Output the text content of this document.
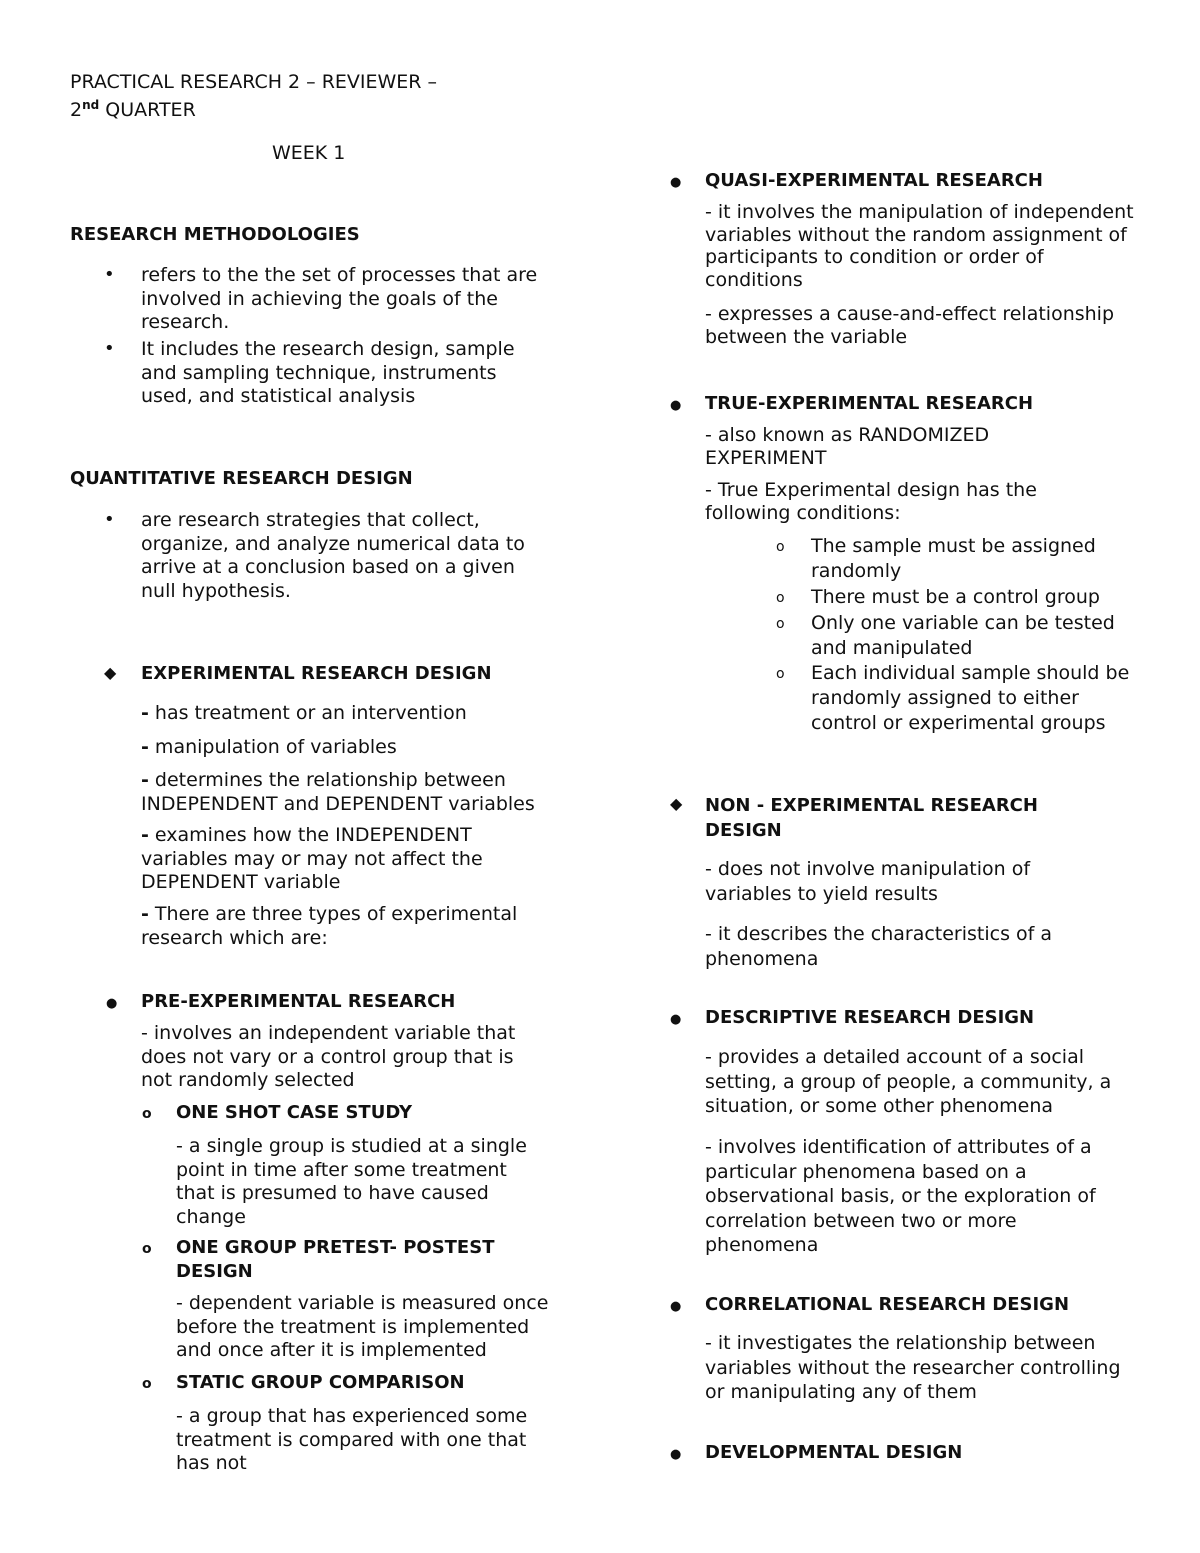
PRACTICAL RESEARCH 2 – REVIEWER –
2nd QUARTER
WEEK 1
RESEARCH METHODOLOGIES
• refers to the the set of processes that are involved in achieving the goals of the research.
• It includes the research design, sample and sampling technique, instruments used, and statistical analysis
QUANTITATIVE RESEARCH DESIGN
• are research strategies that collect, organize, and analyze numerical data to arrive at a conclusion based on a given null hypothesis.
◆ EXPERIMENTAL RESEARCH DESIGN
- has treatment or an intervention
- manipulation of variables
- determines the relationship between INDEPENDENT and DEPENDENT variables
- examines how the INDEPENDENT variables may or may not affect the DEPENDENT variable
- There are three types of experimental research which are:
● PRE-EXPERIMENTAL RESEARCH
- involves an independent variable that does not vary or a control group that is not randomly selected
o ONE SHOT CASE STUDY
- a single group is studied at a single point in time after some treatment that is presumed to have caused change
o ONE GROUP PRETEST- POSTEST DESIGN
- dependent variable is measured once before the treatment is implemented and once after it is implemented
o STATIC GROUP COMPARISON
- a group that has experienced some treatment is compared with one that has not
● QUASI-EXPERIMENTAL RESEARCH
- it involves the manipulation of independent variables without the random assignment of participants to condition or order of conditions
- expresses a cause-and-effect relationship between the variable
● TRUE-EXPERIMENTAL RESEARCH
- also known as RANDOMIZED EXPERIMENT
- True Experimental design has the following conditions:
o The sample must be assigned randomly
o There must be a control group
o Only one variable can be tested and manipulated
o Each individual sample should be randomly assigned to either control or experimental groups
◆ NON - EXPERIMENTAL RESEARCH DESIGN
- does not involve manipulation of variables to yield results
- it describes the characteristics of a phenomena
● DESCRIPTIVE RESEARCH DESIGN
- provides a detailed account of a social setting, a group of people, a community, a situation, or some other phenomena
- involves identification of attributes of a particular phenomena based on a observational basis, or the exploration of correlation between two or more phenomena
● CORRELATIONAL RESEARCH DESIGN
- it investigates the relationship between variables without the researcher controlling or manipulating any of them
● DEVELOPMENTAL DESIGN
